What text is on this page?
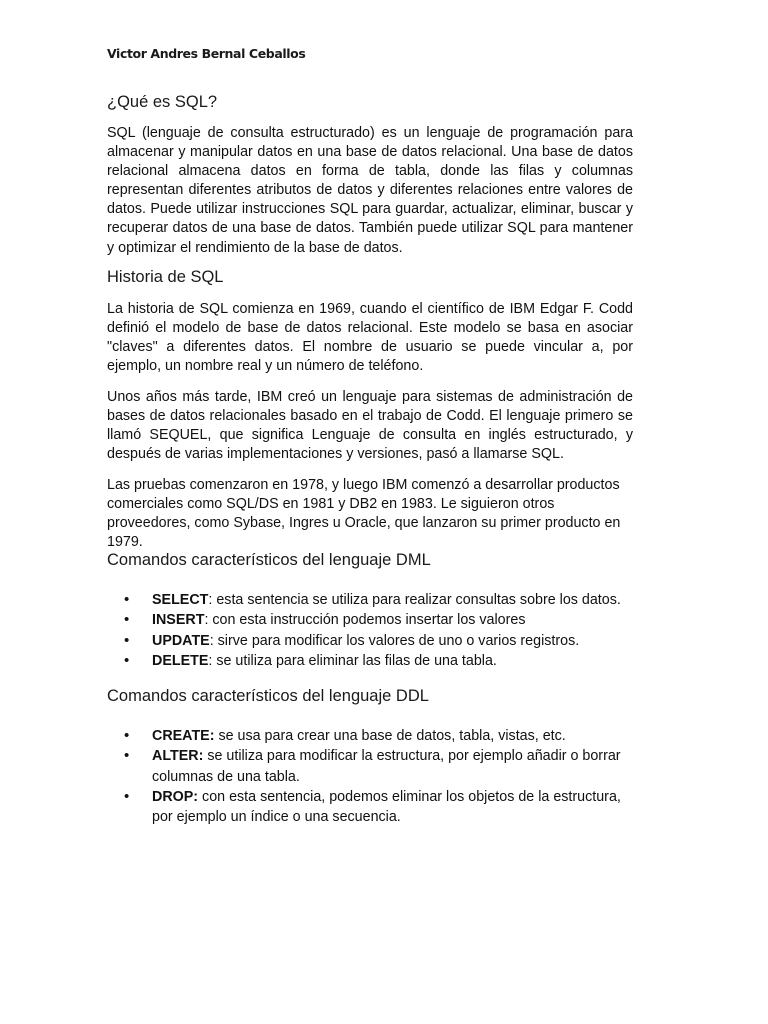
Victor Andres Bernal Ceballos
¿Qué es SQL?

SQL (lenguaje de consulta estructurado) es un lenguaje de programación para almacenar y manipular datos en una base de datos relacional. Una base de datos relacional almacena datos en forma de tabla, donde las filas y columnas representan diferentes atributos de datos y diferentes relaciones entre valores de datos. Puede utilizar instrucciones SQL para guardar, actualizar, eliminar, buscar y recuperar datos de una base de datos. También puede utilizar SQL para mantener y optimizar el rendimiento de la base de datos.

Historia de SQL

La historia de SQL comienza en 1969, cuando el científico de IBM Edgar F. Codd definió el modelo de base de datos relacional. Este modelo se basa en asociar "claves" a diferentes datos. El nombre de usuario se puede vincular a, por ejemplo, un nombre real y un número de teléfono.

Unos años más tarde, IBM creó un lenguaje para sistemas de administración de bases de datos relacionales basado en el trabajo de Codd. El lenguaje primero se llamó SEQUEL, que significa Lenguaje de consulta en inglés estructurado, y después de varias implementaciones y versiones, pasó a llamarse SQL.

Las pruebas comenzaron en 1978, y luego IBM comenzó a desarrollar productos comerciales como SQL/DS en 1981 y DB2 en 1983. Le siguieron otros proveedores, como Sybase, Ingres u Oracle, que lanzaron su primer producto en 1979.

Comandos característicos del lenguaje DML
• SELECT: esta sentencia se utiliza para realizar consultas sobre los datos.
• INSERT: con esta instrucción podemos insertar los valores
• UPDATE: sirve para modificar los valores de uno o varios registros.
• DELETE: se utiliza para eliminar las filas de una tabla.
Comandos característicos del lenguaje DDL
• CREATE: se usa para crear una base de datos, tabla, vistas, etc.
• ALTER: se utiliza para modificar la estructura, por ejemplo añadir o borrar columnas de una tabla.
• DROP: con esta sentencia, podemos eliminar los objetos de la estructura, por ejemplo un índice o una secuencia.
